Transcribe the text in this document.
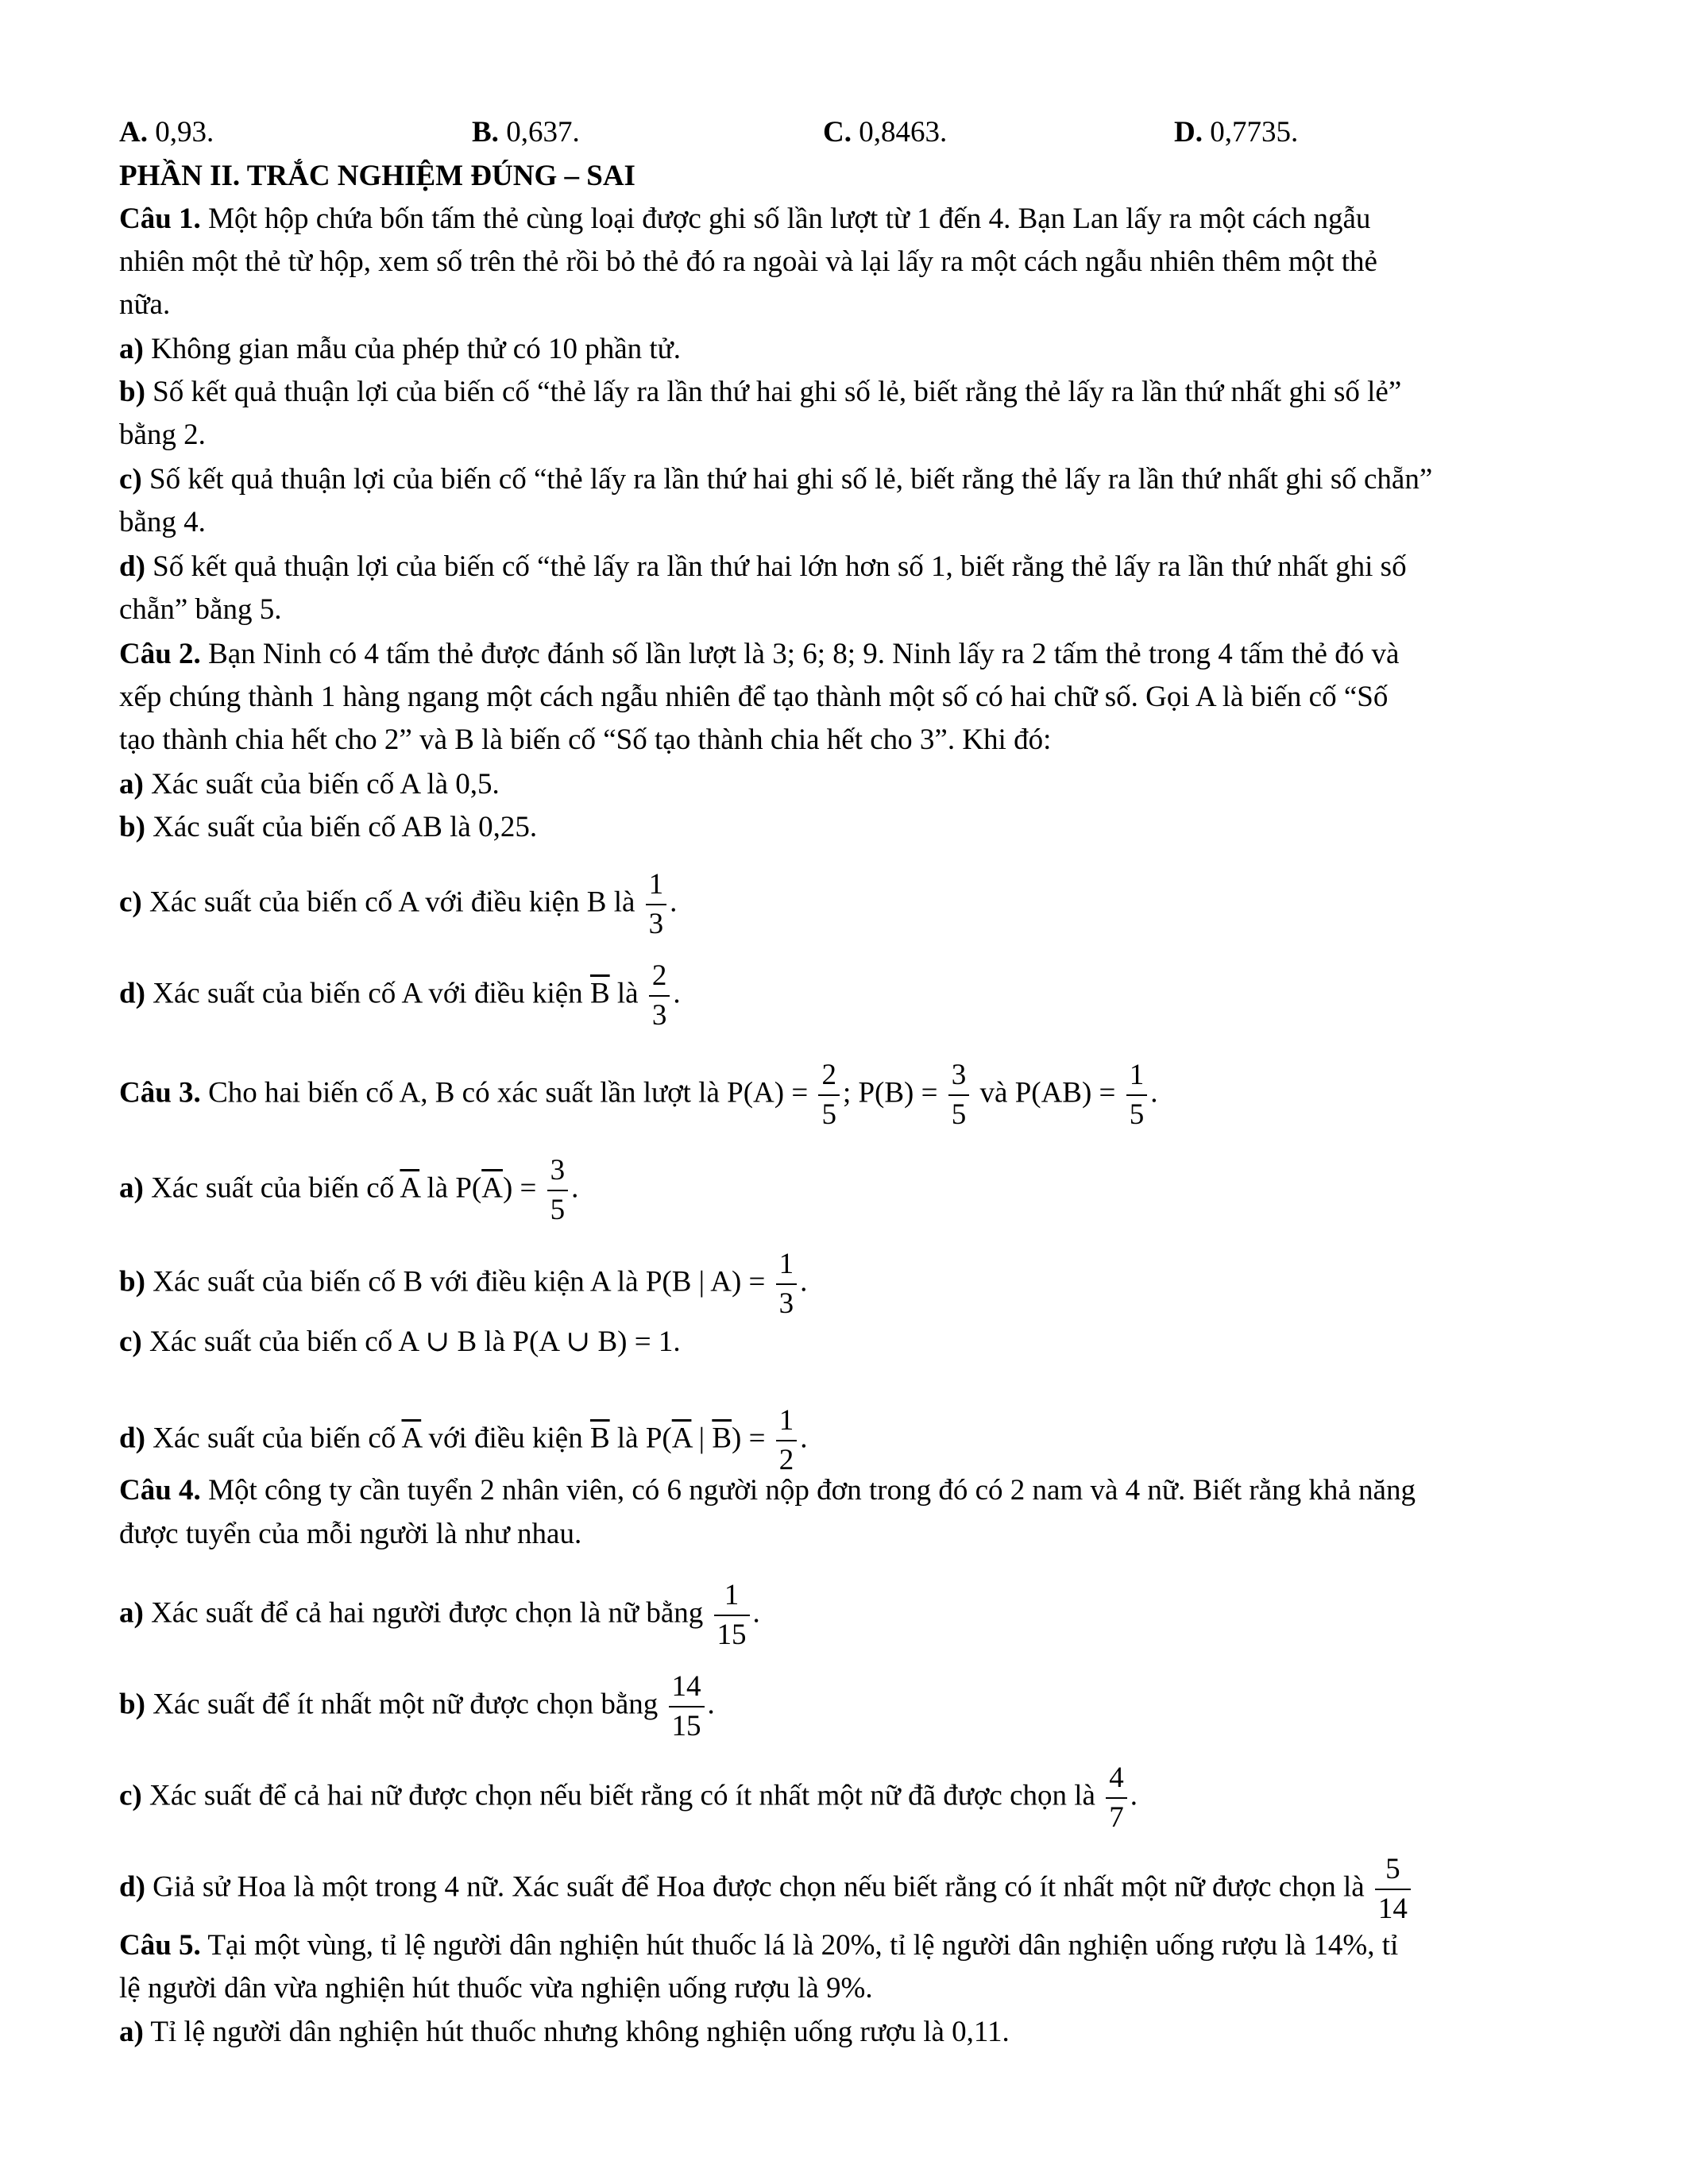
A. 0,93.	B. 0,637.	C. 0,8463.	D. 0,7735.
PHẦN II. TRẮC NGHIỆM ĐÚNG – SAI
Câu 1. Một hộp chứa bốn tấm thẻ cùng loại được ghi số lần lượt từ 1 đến 4. Bạn Lan lấy ra một cách ngẫu
nhiên một thẻ từ hộp, xem số trên thẻ rồi bỏ thẻ đó ra ngoài và lại lấy ra một cách ngẫu nhiên thêm một thẻ
nữa.
a) Không gian mẫu của phép thử có 10 phần tử.
b) Số kết quả thuận lợi của biến cố “thẻ lấy ra lần thứ hai ghi số lẻ, biết rằng thẻ lấy ra lần thứ nhất ghi số lẻ”
bằng 2.
c) Số kết quả thuận lợi của biến cố “thẻ lấy ra lần thứ hai ghi số lẻ, biết rằng thẻ lấy ra lần thứ nhất ghi số chẵn”
bằng 4.
d) Số kết quả thuận lợi của biến cố “thẻ lấy ra lần thứ hai lớn hơn số 1, biết rằng thẻ lấy ra lần thứ nhất ghi số
chẵn” bằng 5.
Câu 2. Bạn Ninh có 4 tấm thẻ được đánh số lần lượt là 3; 6; 8; 9. Ninh lấy ra 2 tấm thẻ trong 4 tấm thẻ đó và
xếp chúng thành 1 hàng ngang một cách ngẫu nhiên để tạo thành một số có hai chữ số. Gọi A là biến cố “Số
tạo thành chia hết cho 2” và B là biến cố “Số tạo thành chia hết cho 3”. Khi đó:
a) Xác suất của biến cố A là 0,5.
b) Xác suất của biến cố AB là 0,25.
c) Xác suất của biến cố A với điều kiện B là $\frac{1}{3}$ .
d) Xác suất của biến cố A với điều kiện $\overline{B}$ là $\frac{2}{3}$ .
Câu 3. Cho hai biến cố A, B có xác suất lần lượt là $P(A) = \frac{2}{5}$ ; $P(B) = \frac{3}{5}$ và $P(AB) = \frac{1}{5}$ .
a) Xác suất của biến cố $\overline{A}$ là $P(\overline{A}) = \frac{3}{5}$ .
b) Xác suất của biến cố B với điều kiện A là P(B | $A) = \frac{1}{3}$ .
c) Xác suất của biến cố A ∪ B là P(A ∪ B) = 1.
d) Xác suất của biến cố $\overline{A}$ với điều kiện $\overline{B}$ là $P(\overline{A}$ | $\overline{B}) = \frac{1}{2}$ .
Câu 4. Một công ty cần tuyển 2 nhân viên, có 6 người nộp đơn trong đó có 2 nam và 4 nữ. Biết rằng khả năng
được tuyển của mỗi người là như nhau.
a) Xác suất để cả hai người được chọn là nữ bằng $\frac{1}{15}$ .
b) Xác suất để ít nhất một nữ được chọn bằng $\frac{14}{15}$ .
c) Xác suất để cả hai nữ được chọn nếu biết rằng có ít nhất một nữ đã được chọn là $\frac{4}{7}$ .
d) Giả sử Hoa là một trong 4 nữ. Xác suất để Hoa được chọn nếu biết rằng có ít nhất một nữ được chọn là $\frac{5}{14}$
Câu 5. Tại một vùng, tỉ lệ người dân nghiện hút thuốc lá là 20%, tỉ lệ người dân nghiện uống rượu là 14%, tỉ
lệ người dân vừa nghiện hút thuốc vừa nghiện uống rượu là 9%.
a) Tỉ lệ người dân nghiện hút thuốc nhưng không nghiện uống rượu là 0,11.
